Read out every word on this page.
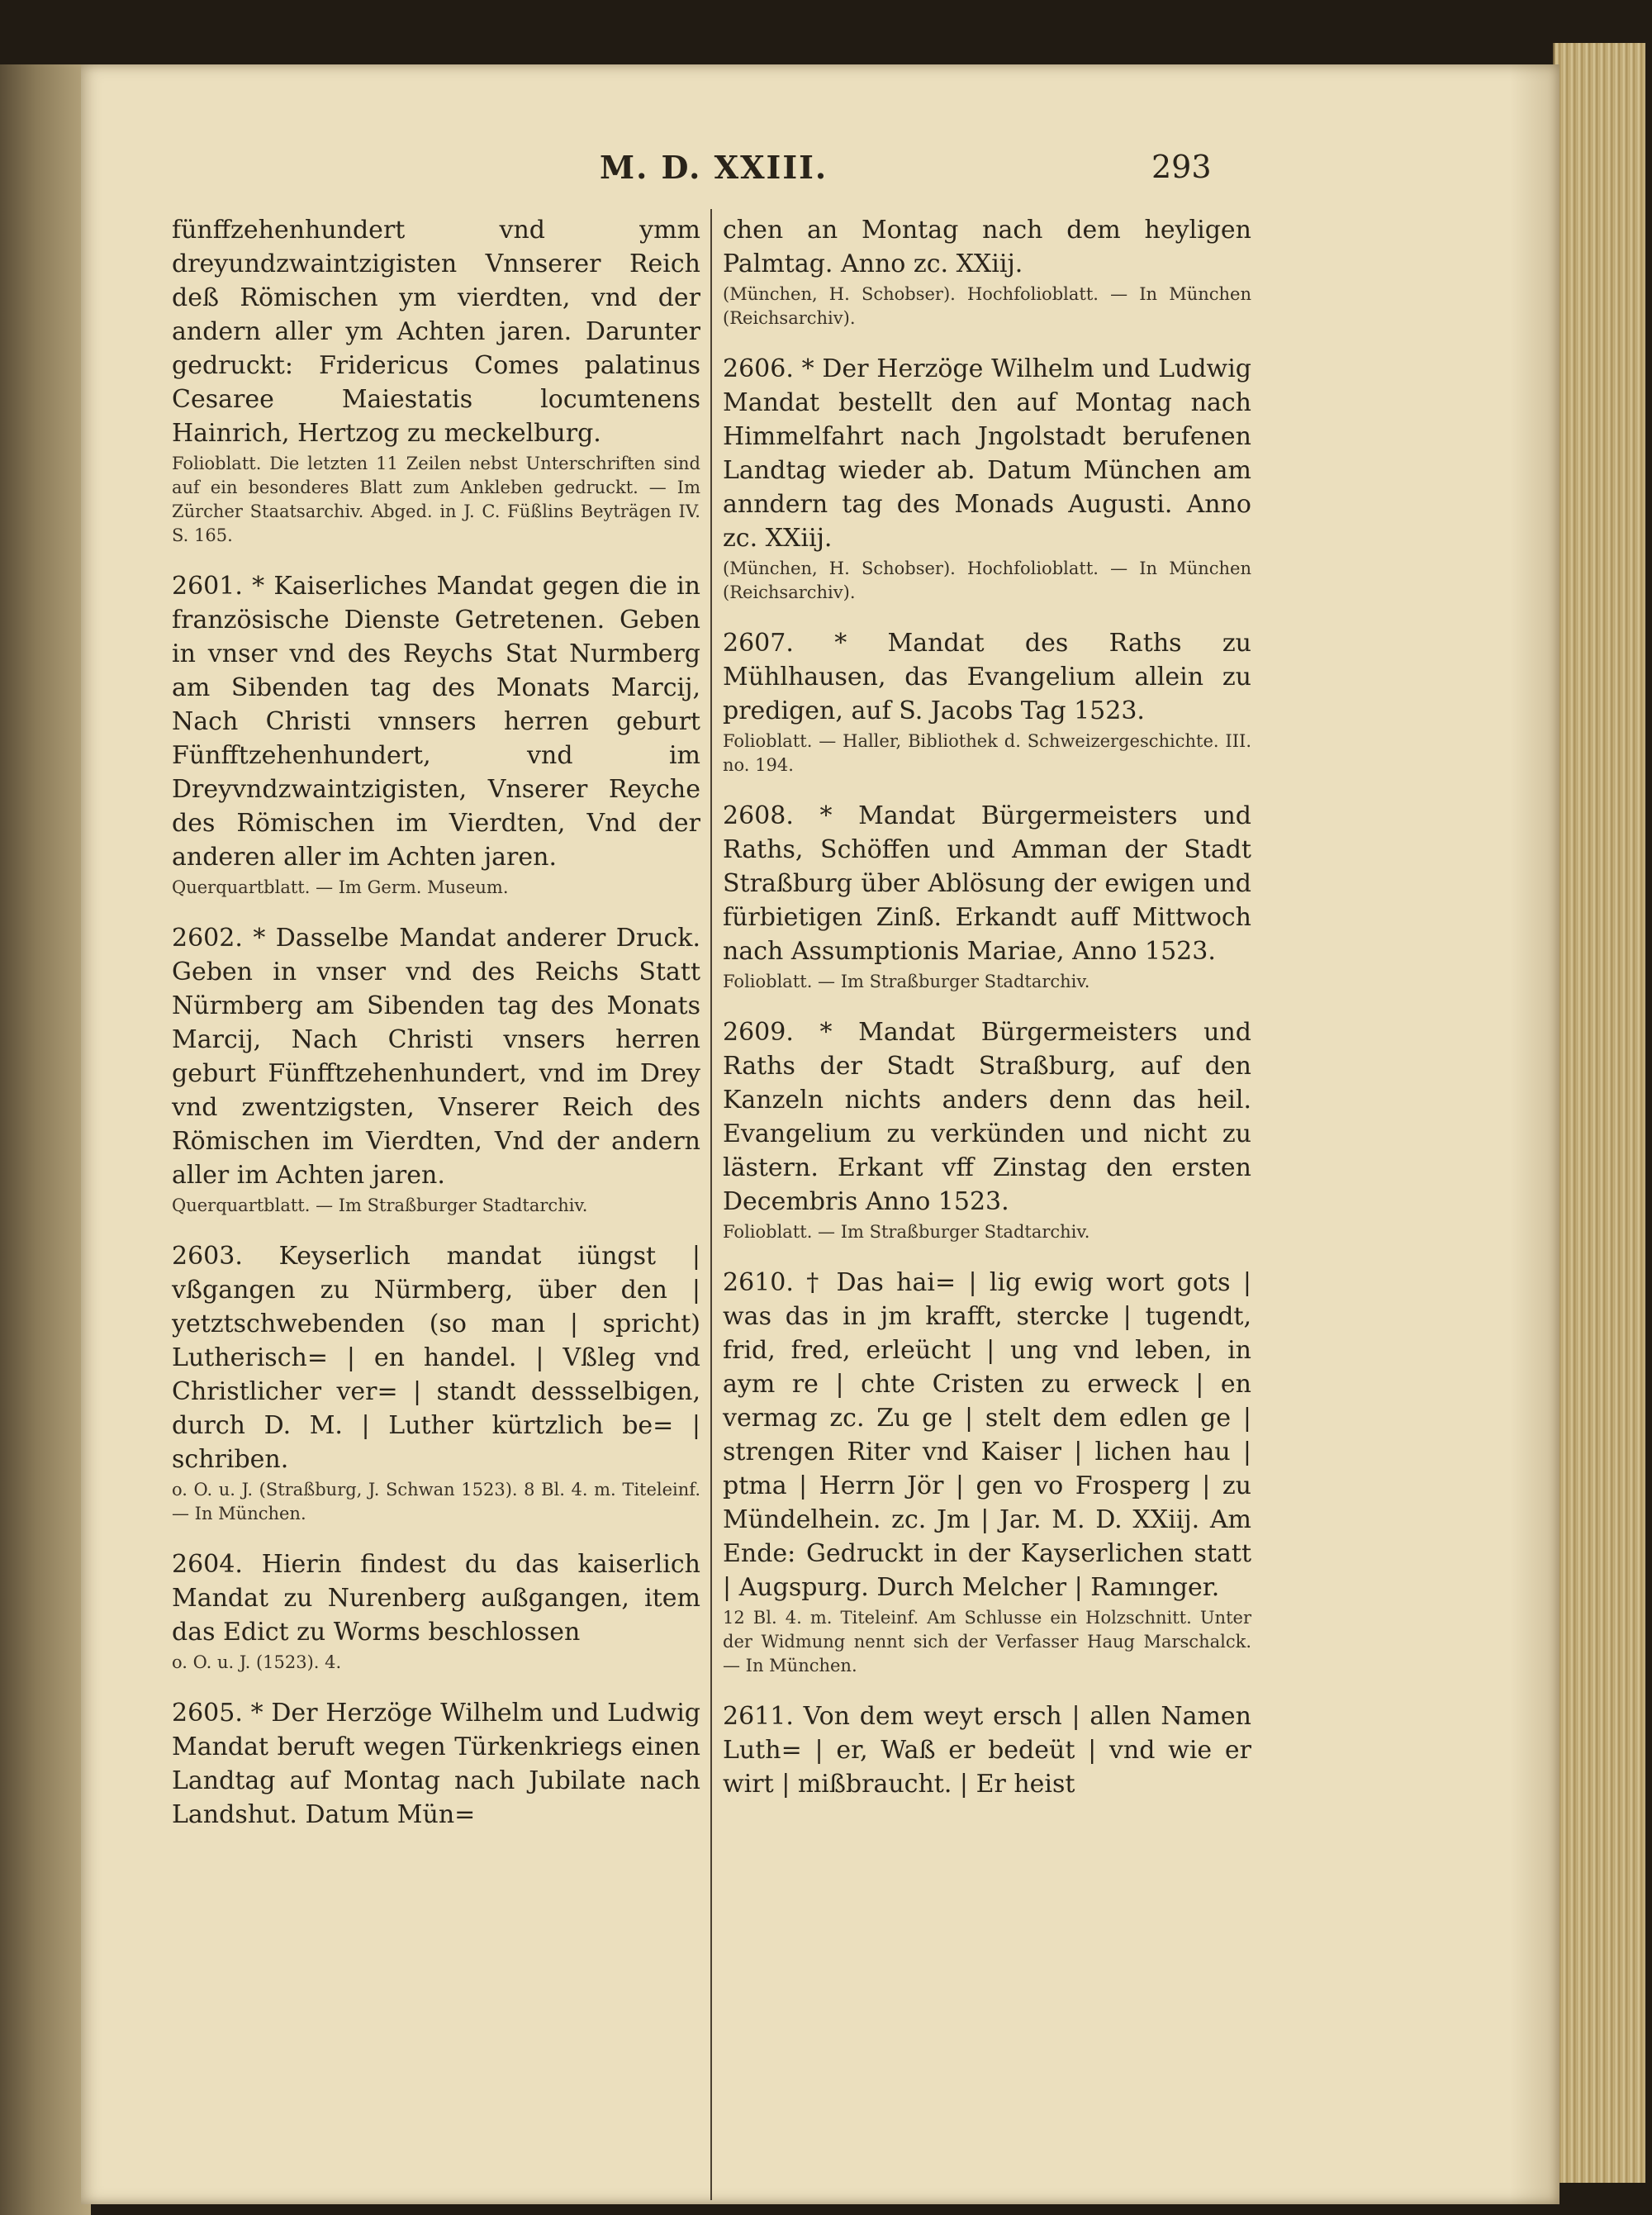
M. D. XXIII.	293
fünffzehenhundert vnd ymm dreyundzwaintzigisten Vnnserer Reich deß Römischen ym vierdten, vnd der andern aller ym Achten jaren. Darunter gedruckt: Fridericus Comes palatinus Cesaree Maiestatis locumtenens Hainrich, Hertzog zu meckelburg.
Folioblatt. Die letzten 11 Zeilen nebst Unterschriften sind auf ein besonderes Blatt zum Ankleben gedruckt. — Im Zürcher Staatsarchiv. Abged. in J. C. Füßlins Beyträgen IV. S. 165.
2601. * Kaiserliches Mandat gegen die in französische Dienste Getretenen. Geben in vnser vnd des Reychs Stat Nurmberg am Sibenden tag des Monats Marcij, Nach Christi vnnsers herren geburt Fünfftzehenhundert, vnd im Dreyvndzwaintzigisten, Vnserer Reyche des Römischen im Vierdten, Vnd der anderen aller im Achten jaren.
Querquartblatt. — Im Germ. Museum.
2602. * Dasselbe Mandat anderer Druck. Geben in vnser vnd des Reichs Statt Nürmberg am Sibenden tag des Monats Marcij, Nach Christi vnsers herren geburt Fünfftzehenhundert, vnd im Drey vnd zwentzigsten, Vnserer Reich des Römischen im Vierdten, Vnd der andern aller im Achten jaren.
Querquartblatt. — Im Straßburger Stadtarchiv.
2603. Keyserlich mandat iüngst | vßgangen zu Nürmberg, über den | yetztschwebenden (so man | spricht) Lutherisch= | en handel. | Vßleg vnd Christlicher ver= | standt dessselbigen, durch D. M. | Luther kürtzlich be= | schriben.
o. O. u. J. (Straßburg, J. Schwan 1523). 8 Bl. 4. m. Titeleinf. — In München.
2604. Hierin findest du das kaiserlich Mandat zu Nurenberg außgangen, item das Edict zu Worms beschlossen
o. O. u. J. (1523). 4.
2605. * Der Herzöge Wilhelm und Ludwig Mandat beruft wegen Türkenkriegs einen Landtag auf Montag nach Jubilate nach Landshut. Datum Mün=
chen an Montag nach dem heyligen Palmtag. Anno zc. XXiij.
(München, H. Schobser). Hochfolioblatt. — In München (Reichsarchiv).
2606. * Der Herzöge Wilhelm und Ludwig Mandat bestellt den auf Montag nach Himmelfahrt nach Jngolstadt berufenen Landtag wieder ab. Datum München am anndern tag des Monads Augusti. Anno zc. XXiij.
(München, H. Schobser). Hochfolioblatt. — In München (Reichsarchiv).
2607. * Mandat des Raths zu Mühlhausen, das Evangelium allein zu predigen, auf S. Jacobs Tag 1523.
Folioblatt. — Haller, Bibliothek d. Schweizergeschichte. III. no. 194.
2608. * Mandat Bürgermeisters und Raths, Schöffen und Amman der Stadt Straßburg über Ablösung der ewigen und fürbietigen Zinß. Erkandt auff Mittwoch nach Assumptionis Mariae, Anno 1523.
Folioblatt. — Im Straßburger Stadtarchiv.
2609. * Mandat Bürgermeisters und Raths der Stadt Straßburg, auf den Kanzeln nichts anders denn das heil. Evangelium zu verkünden und nicht zu lästern. Erkant vff Zinstag den ersten Decembris Anno 1523.
Folioblatt. — Im Straßburger Stadtarchiv.
2610. † Das hai= | lig ewig wort gots | was das in jm krafft, stercke | tugendt, frid, fred, erleücht | ung vnd leben, in aym re | chte Cristen zu erweck | en vermag zc. Zu ge | stelt dem edlen ge | strengen Riter vnd Kaiser | lichen hau | ptma | Herrn Jör | gen vo Frosperg | zu Mündelhein. zc. Jm | Jar. M. D. XXiij. Am Ende: Gedruckt in der Kayserlichen statt | Augspurg. Durch Melcher | Ramınger.
12 Bl. 4. m. Titeleinf. Am Schlusse ein Holzschnitt. Unter der Widmung nennt sich der Verfasser Haug Marschalck. — In München.
2611. Von dem weyt ersch | allen Namen Luth= | er, Waß er bedeüt | vnd wie er wirt | mißbraucht. | Er heist
